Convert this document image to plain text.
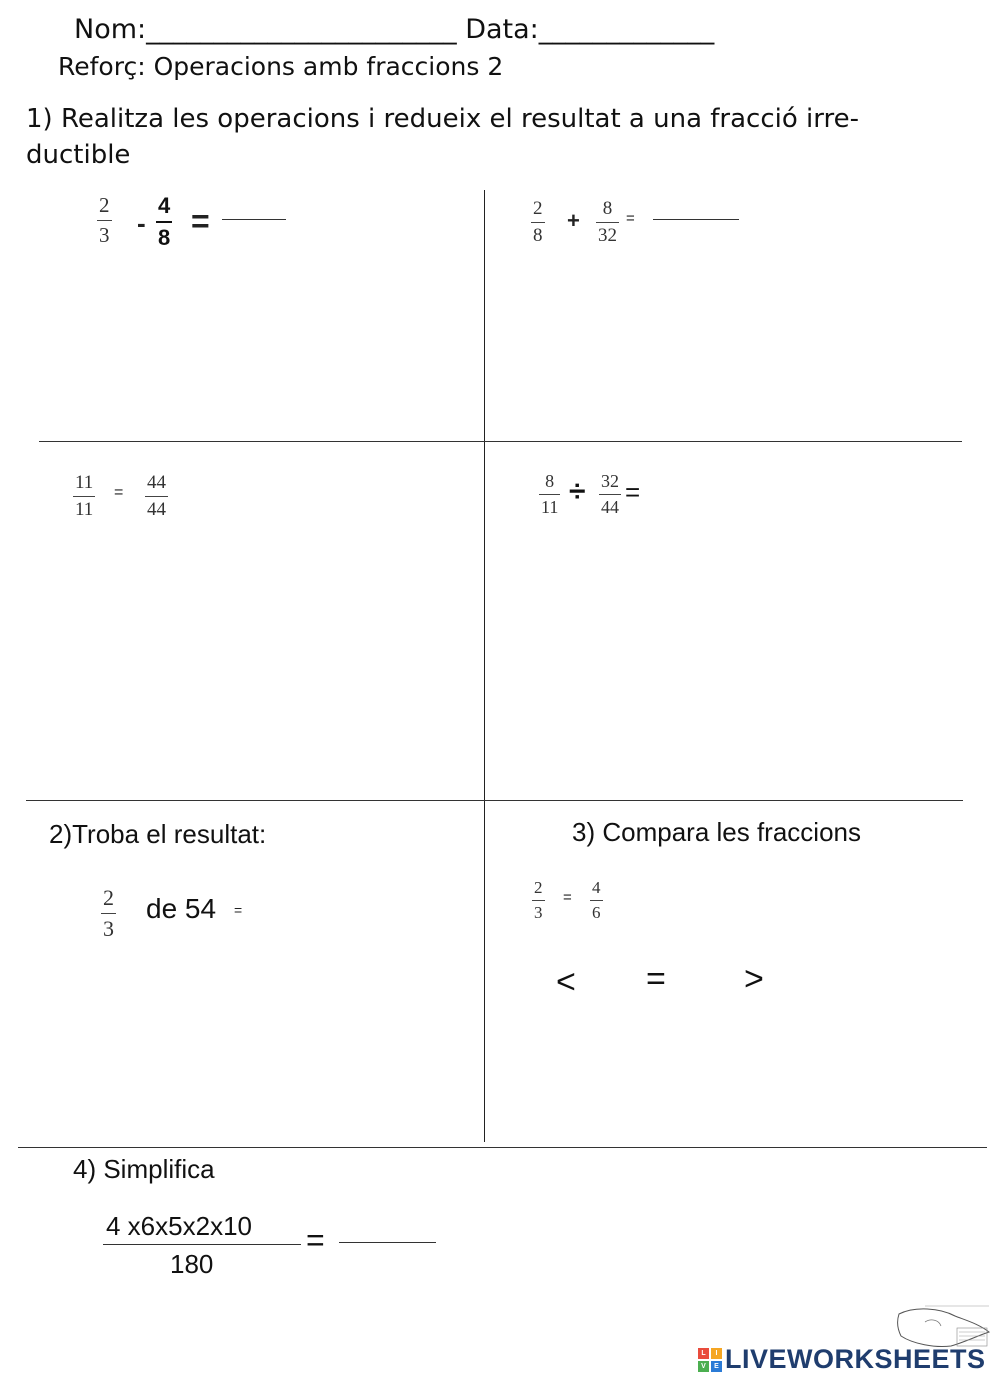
Nom:_______________________ Data:_____________
Reforç: Operacions amb fraccions 2
1) Realitza les operacions i redueix el resultat a una fracció irre-
ductible
2
3 -
4
8 =	2
8
+ 8
32
=
11
11
= 44
44
8
11 ÷ 32
44 =
2)Troba el resultat:
2
3
de 54 =
3) Compara les fraccions
2
3
=
4
6
< = >
4) Simplifica
4 x6x5x2x10
180
=
L	I
V	E LIVEWORKSHEETS
